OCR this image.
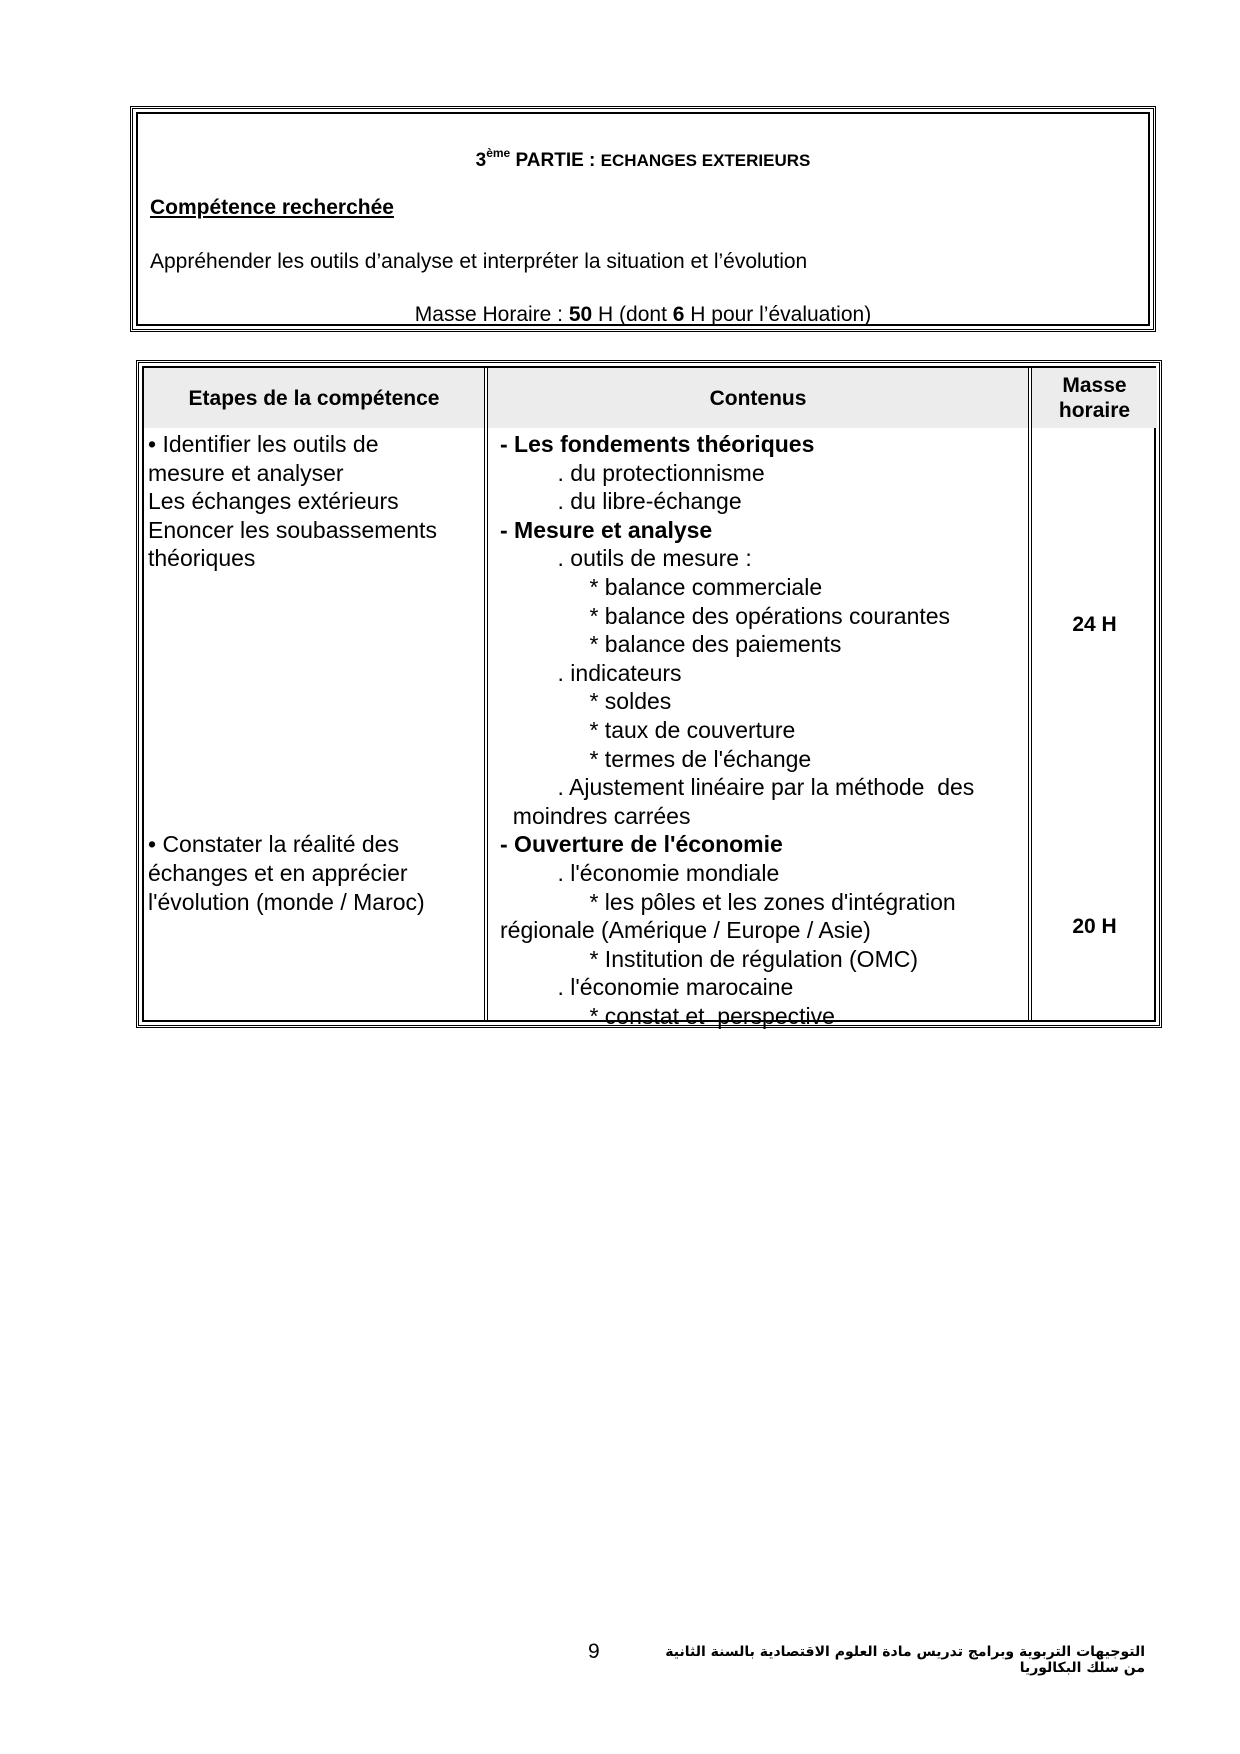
3ème PARTIE : ECHANGES EXTERIEURS
Compétence recherchée
Appréhender les outils d’analyse et interpréter la situation et l’évolution
Masse Horaire : 50 H (dont 6 H pour l’évaluation)
Etapes de la compétence	Contenus
Masse
horaire
• Identifier les outils de
mesure et analyser
Les échanges extérieurs
Enoncer les soubassements
théoriques
• Constater la réalité des
échanges et en apprécier
l'évolution (monde / Maroc)
- Les fondements théoriques
. du protectionnisme
. du libre-échange
- Mesure et analyse
. outils de mesure :
* balance commerciale
* balance des opérations courantes
* balance des paiements
. indicateurs
* soldes
* taux de couverture
* termes de l'échange
. Ajustement linéaire par la méthode  des
moindres carrées
- Ouverture de l'économie
. l'économie mondiale
* les pôles et les zones d'intégration
régionale (Amérique / Europe / Asie)
* Institution de régulation (OMC)
. l'économie marocaine
* constat et  perspective
24 H
20 H
9	التوجيهات التربوية وبرامج تدريس مادة العلوم الاقتصادية بالسنة الثانية من سلك البكالوريا
